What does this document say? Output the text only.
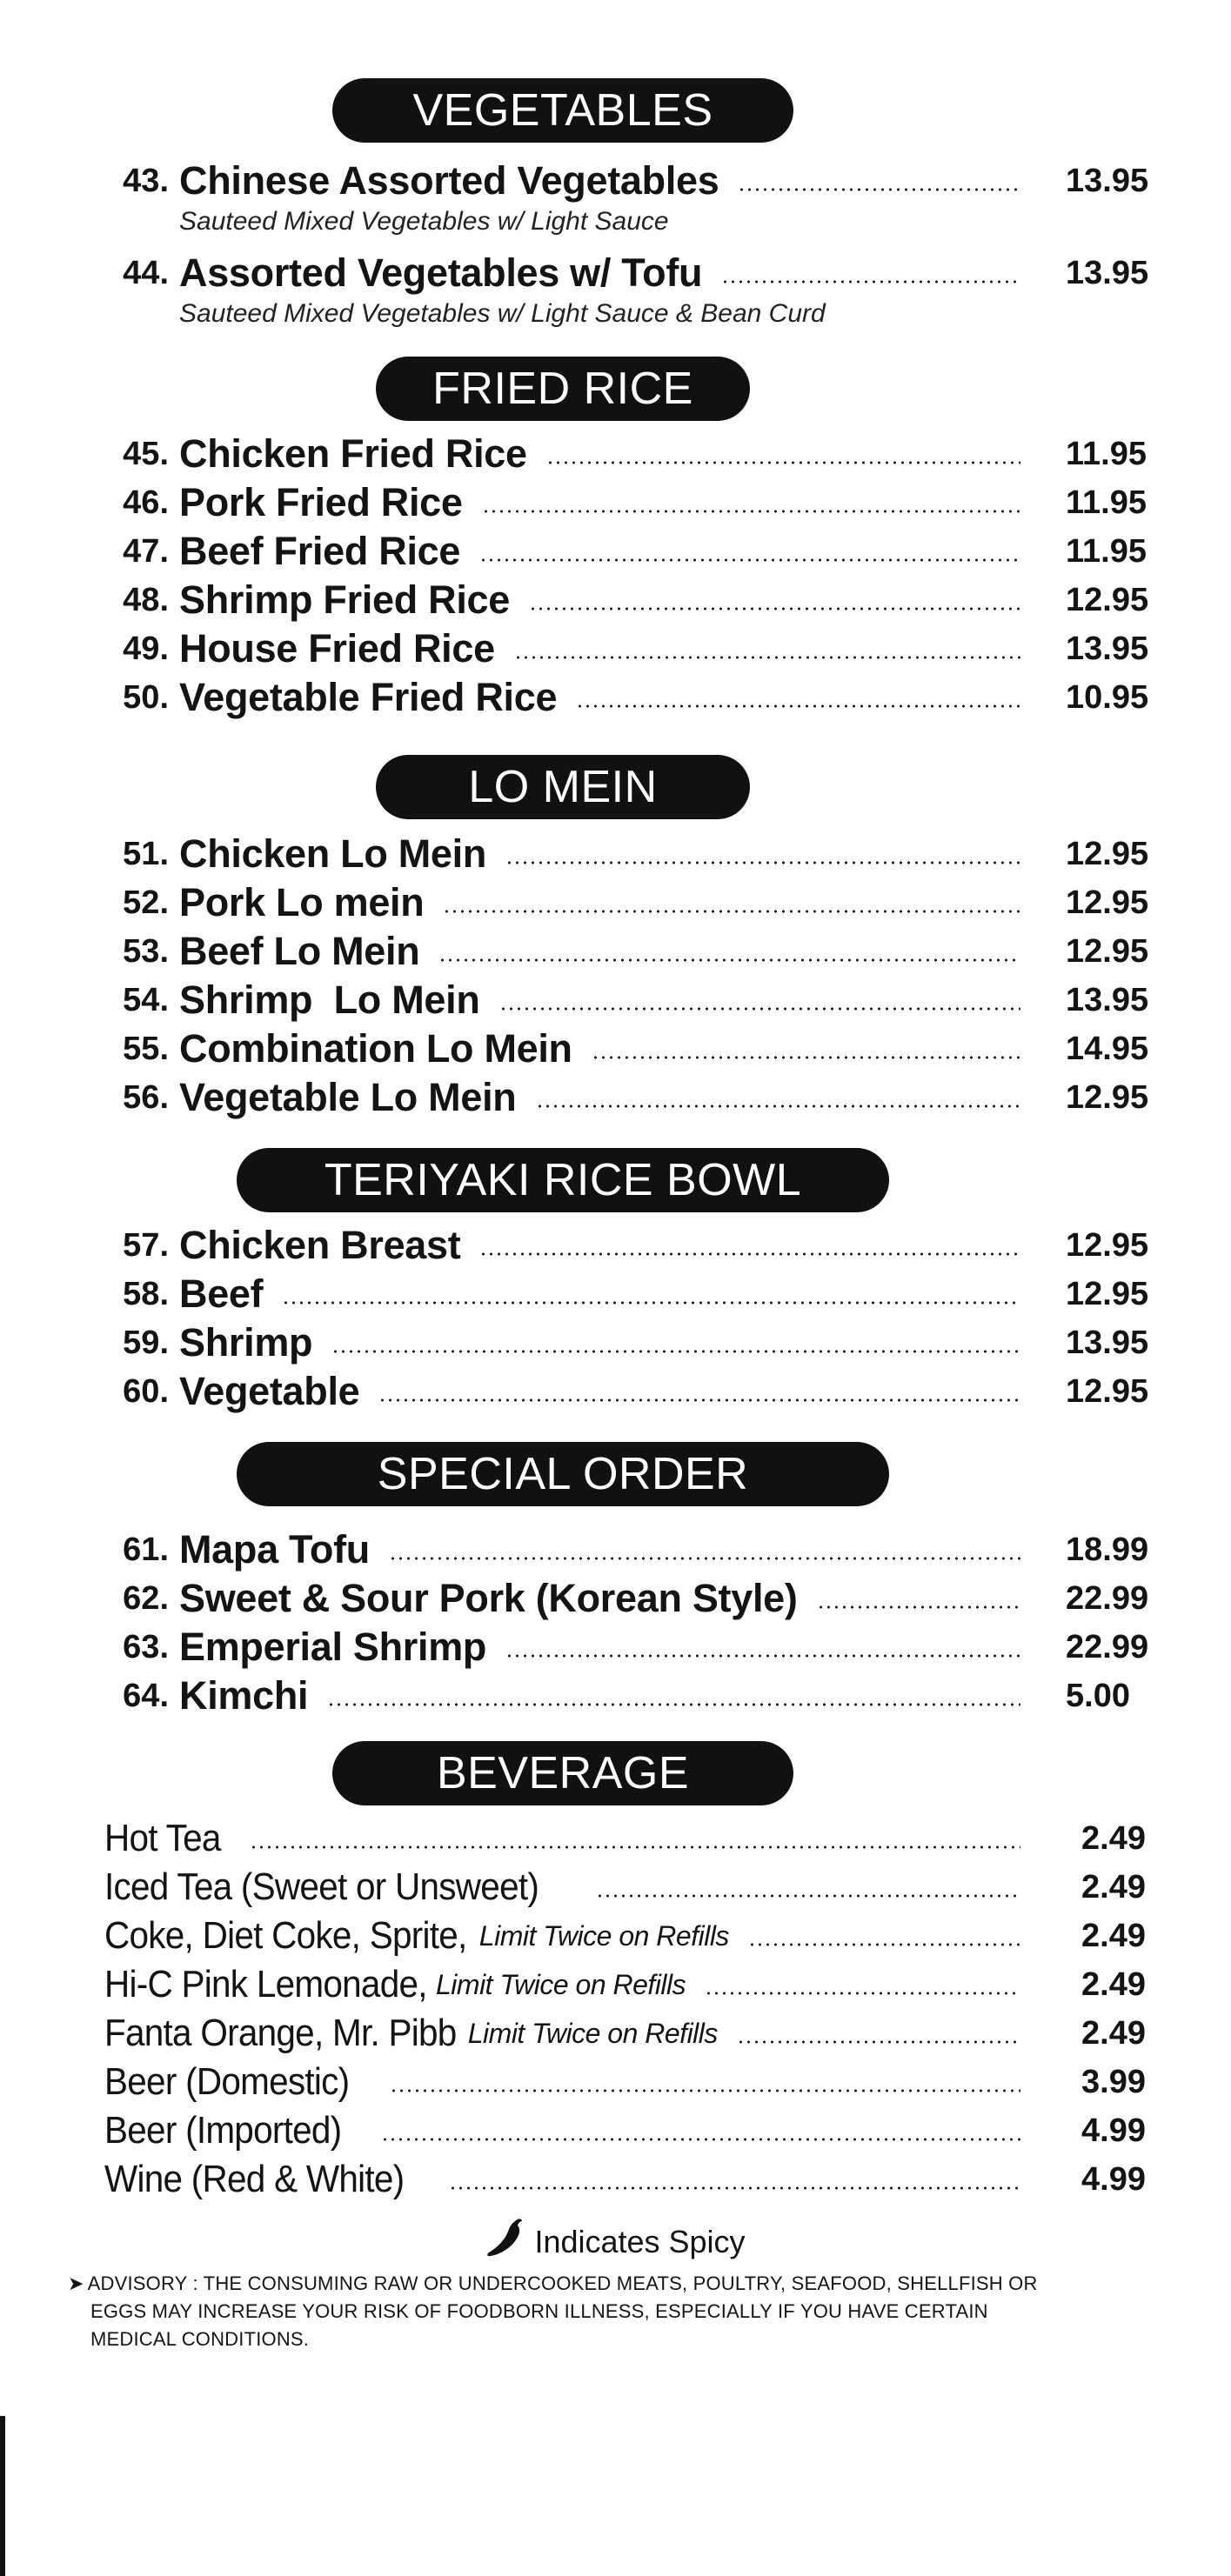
VEGETABLES
43. Chinese Assorted Vegetables	13.95
Sauteed Mixed Vegetables w/ Light Sauce
44. Assorted Vegetables w/ Tofu	13.95
Sauteed Mixed Vegetables w/ Light Sauce & Bean Curd
FRIED RICE
45. Chicken Fried Rice	11.95
46. Pork Fried Rice	11.95
47. Beef Fried Rice	11.95
48. Shrimp Fried Rice	12.95
49. House Fried Rice	13.95
50. Vegetable Fried Rice	10.95
LO MEIN
51. Chicken Lo Mein	12.95
52. Pork Lo mein	12.95
53. Beef Lo Mein	12.95
54. Shrimp  Lo Mein	13.95
55. Combination Lo Mein	14.95
56. Vegetable Lo Mein	12.95
TERIYAKI RICE BOWL
57. Chicken Breast	12.95
58. Beef	12.95
59. Shrimp	13.95
60. Vegetable	12.95
SPECIAL ORDER
61. Mapa Tofu	18.99
62. Sweet & Sour Pork (Korean Style)	22.99
63. Emperial Shrimp	22.99
64. Kimchi	5.00
BEVERAGE
Hot Tea	2.49
Iced Tea (Sweet or Unsweet)	2.49
Coke, Diet Coke, Sprite, Limit Twice on Refills	2.49
Hi-C Pink Lemonade, Limit Twice on Refills	2.49
Fanta Orange, Mr. Pibb Limit Twice on Refills	2.49
Beer (Domestic)	3.99
Beer (Imported)	4.99
Wine (Red & White)	4.99
Indicates Spicy
➤ ADVISORY : THE CONSUMING RAW OR UNDERCOOKED MEATS, POULTRY, SEAFOOD, SHELLFISH OR
EGGS MAY INCREASE YOUR RISK OF FOODBORN ILLNESS, ESPECIALLY IF YOU HAVE CERTAIN
MEDICAL CONDITIONS.
